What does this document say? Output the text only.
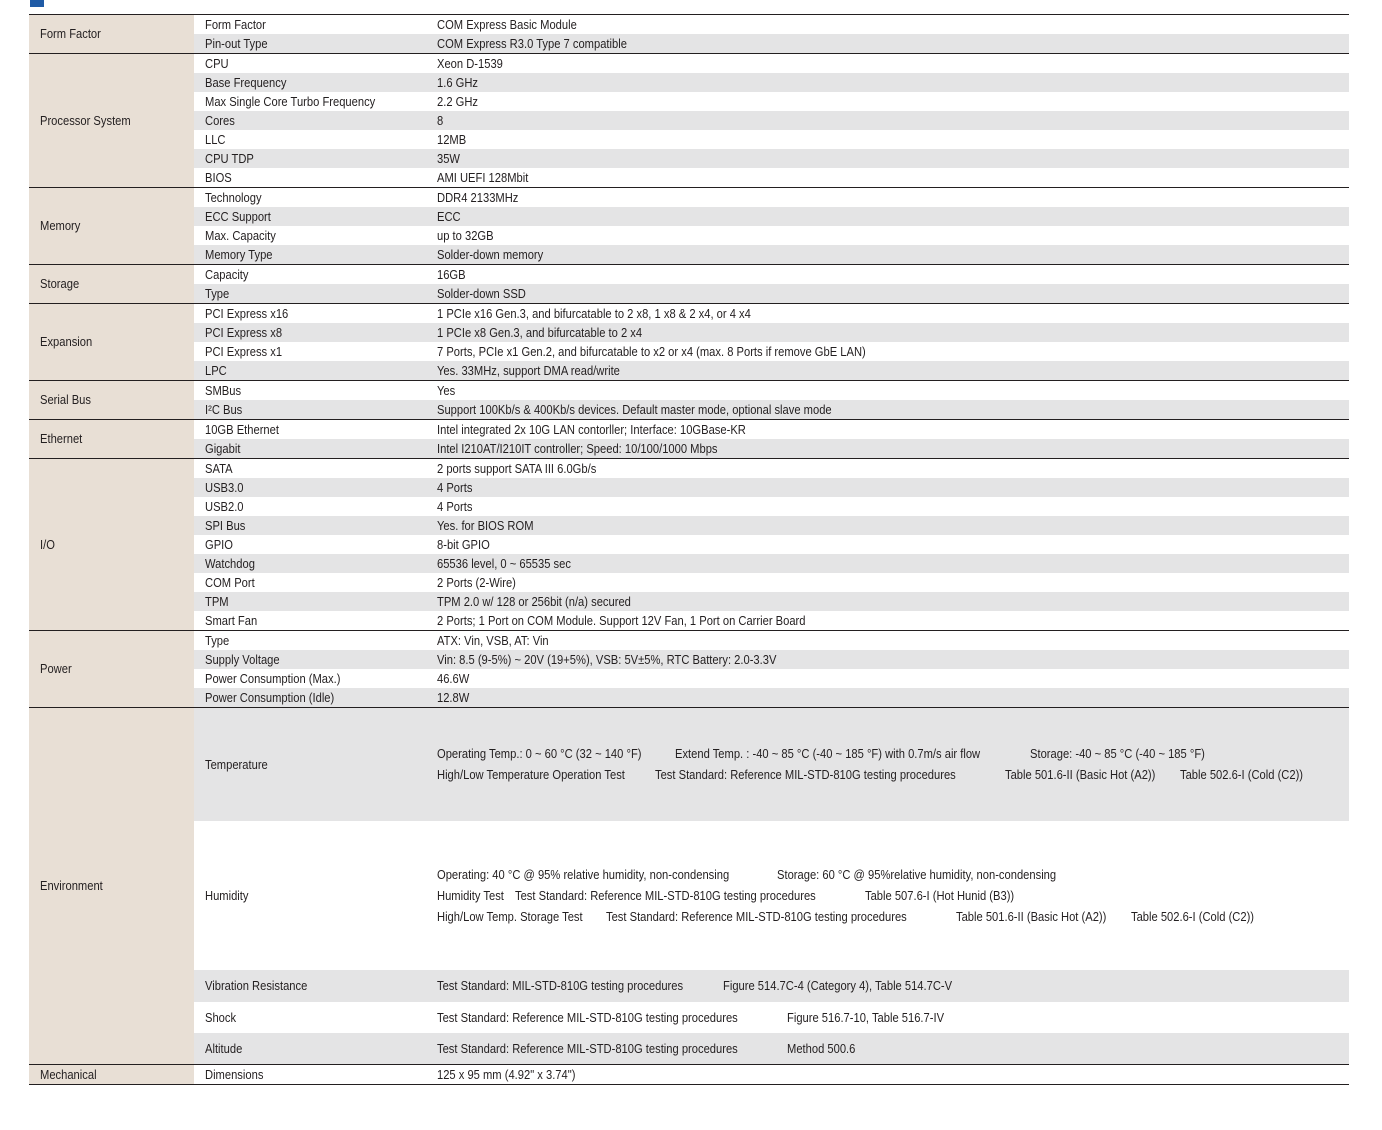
Form Factor	Form Factor	COM Express Basic Module
	Pin-out Type	COM Express R3.0 Type 7 compatible
Processor System	CPU	Xeon D-1539
	Base Frequency	1.6 GHz
	Max Single Core Turbo Frequency	2.2 GHz
	Cores	8
	LLC	12MB
	CPU TDP	35W
	BIOS	AMI UEFI 128Mbit
Memory	Technology	DDR4 2133MHz
	ECC Support	ECC
	Max. Capacity	up to 32GB
	Memory Type	Solder-down memory
Storage	Capacity	16GB
	Type	Solder-down SSD
Expansion	PCI Express x16	1 PCIe x16 Gen.3, and bifurcatable to 2 x8, 1 x8 & 2 x4, or 4 x4
	PCI Express x8	1 PCIe x8 Gen.3, and bifurcatable to 2 x4
	PCI Express x1	7 Ports, PCIe x1 Gen.2, and bifurcatable to x2 or x4 (max. 8 Ports if remove GbE LAN)
	LPC	Yes. 33MHz, support DMA read/write
Serial Bus	SMBus	Yes
	I²C Bus	Support 100Kb/s & 400Kb/s devices. Default master mode, optional slave mode
Ethernet	10GB Ethernet	Intel integrated 2x 10G LAN contorller; Interface: 10GBase-KR
	Gigabit	Intel I210AT/I210IT controller; Speed: 10/100/1000 Mbps
I/O	SATA	2 ports support SATA III 6.0Gb/s
	USB3.0	4 Ports
	USB2.0	4 Ports
	SPI Bus	Yes. for BIOS ROM
	GPIO	8-bit GPIO
	Watchdog	65536 level, 0 ~ 65535 sec
	COM Port	2 Ports (2-Wire)
	TPM	TPM 2.0 w/ 128 or 256bit (n/a) secured
	Smart Fan	2 Ports; 1 Port on COM Module. Support 12V Fan, 1 Port on Carrier Board
Power	Type	ATX: Vin, VSB, AT: Vin
	Supply Voltage	Vin: 8.5 (9-5%) ~ 20V (19+5%), VSB: 5V±5%, RTC Battery: 2.0-3.3V
	Power Consumption (Max.)	46.6W
	Power Consumption (Idle)	12.8W
Environment	Temperature	Operating Temp.: 0 ~ 60 °C (32 ~ 140 °F) Extend Temp. : -40 ~ 85 °C (-40 ~ 185 °F) with 0.7m/s air flow Storage: -40 ~ 85 °C (-40 ~ 185 °F)
High/Low Temperature Operation Test Test Standard: Reference MIL-STD-810G testing procedures Table 501.6-II (Basic Hot (A2)) Table 502.6-I (Cold (C2))
	Humidity	Operating: 40 °C @ 95% relative humidity, non-condensing Storage: 60 °C @ 95%relative humidity, non-condensing
Humidity Test Test Standard: Reference MIL-STD-810G testing procedures Table 507.6-I (Hot Hunid (B3))
High/Low Temp. Storage Test Test Standard: Reference MIL-STD-810G testing procedures Table 501.6-II (Basic Hot (A2)) Table 502.6-I (Cold (C2))
	Vibration Resistance	Test Standard: MIL-STD-810G testing procedures Figure 514.7C-4 (Category 4), Table 514.7C-V
	Shock	Test Standard: Reference MIL-STD-810G testing procedures Figure 516.7-10, Table 516.7-IV
	Altitude	Test Standard: Reference MIL-STD-810G testing procedures Method 500.6
Mechanical	Dimensions	125 x 95 mm (4.92" x 3.74")
